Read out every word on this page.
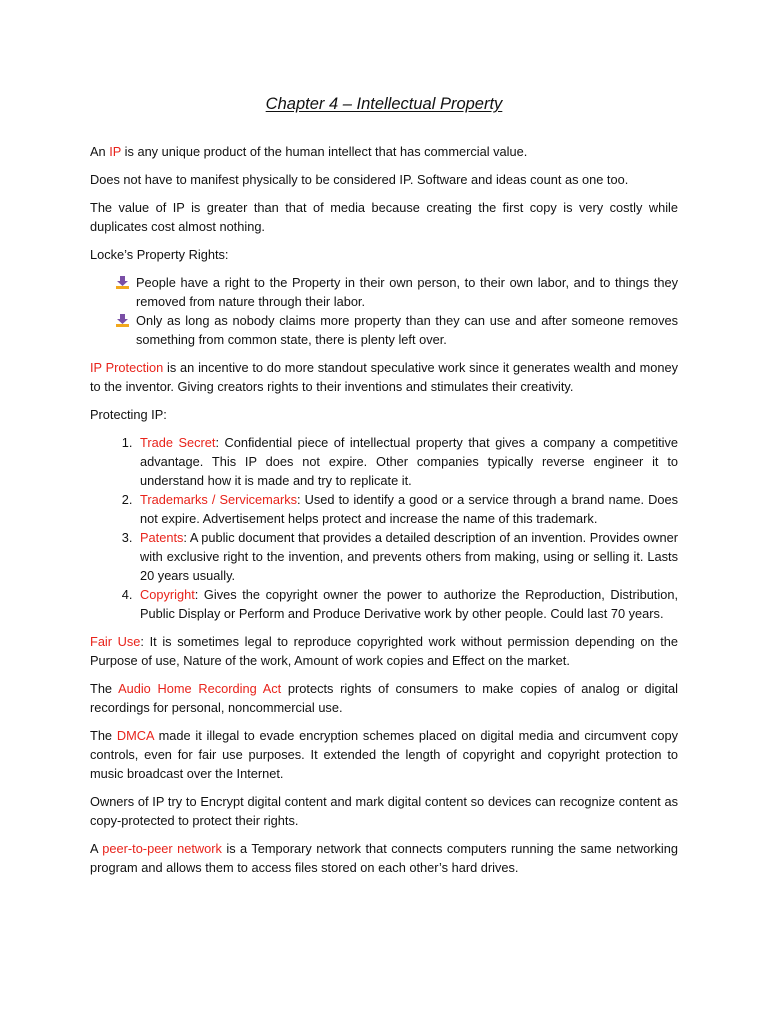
Chapter 4 – Intellectual Property

An IP is any unique product of the human intellect that has commercial value.

Does not have to manifest physically to be considered IP. Software and ideas count as one too.

The value of IP is greater than that of media because creating the first copy is very costly while duplicates cost almost nothing.

Locke’s Property Rights:

People have a right to the Property in their own person, to their own labor, and to things they removed from nature through their labor.
Only as long as nobody claims more property than they can use and after someone removes something from common state, there is plenty left over.

IP Protection is an incentive to do more standout speculative work since it generates wealth and money to the inventor. Giving creators rights to their inventions and stimulates their creativity.

Protecting IP:

1. Trade Secret: Confidential piece of intellectual property that gives a company a competitive advantage. This IP does not expire. Other companies typically reverse engineer it to understand how it is made and try to replicate it.
2. Trademarks / Servicemarks: Used to identify a good or a service through a brand name. Does not expire. Advertisement helps protect and increase the name of this trademark.
3. Patents: A public document that provides a detailed description of an invention. Provides owner with exclusive right to the invention, and prevents others from making, using or selling it. Lasts 20 years usually.
4. Copyright: Gives the copyright owner the power to authorize the Reproduction, Distribution, Public Display or Perform and Produce Derivative work by other people. Could last 70 years.

Fair Use: It is sometimes legal to reproduce copyrighted work without permission depending on the Purpose of use, Nature of the work, Amount of work copies and Effect on the market.

The Audio Home Recording Act protects rights of consumers to make copies of analog or digital recordings for personal, noncommercial use.

The DMCA made it illegal to evade encryption schemes placed on digital media and circumvent copy controls, even for fair use purposes. It extended the length of copyright and copyright protection to music broadcast over the Internet.

Owners of IP try to Encrypt digital content and mark digital content so devices can recognize content as copy-protected to protect their rights.

A peer-to-peer network is a Temporary network that connects computers running the same networking program and allows them to access files stored on each other’s hard drives.
